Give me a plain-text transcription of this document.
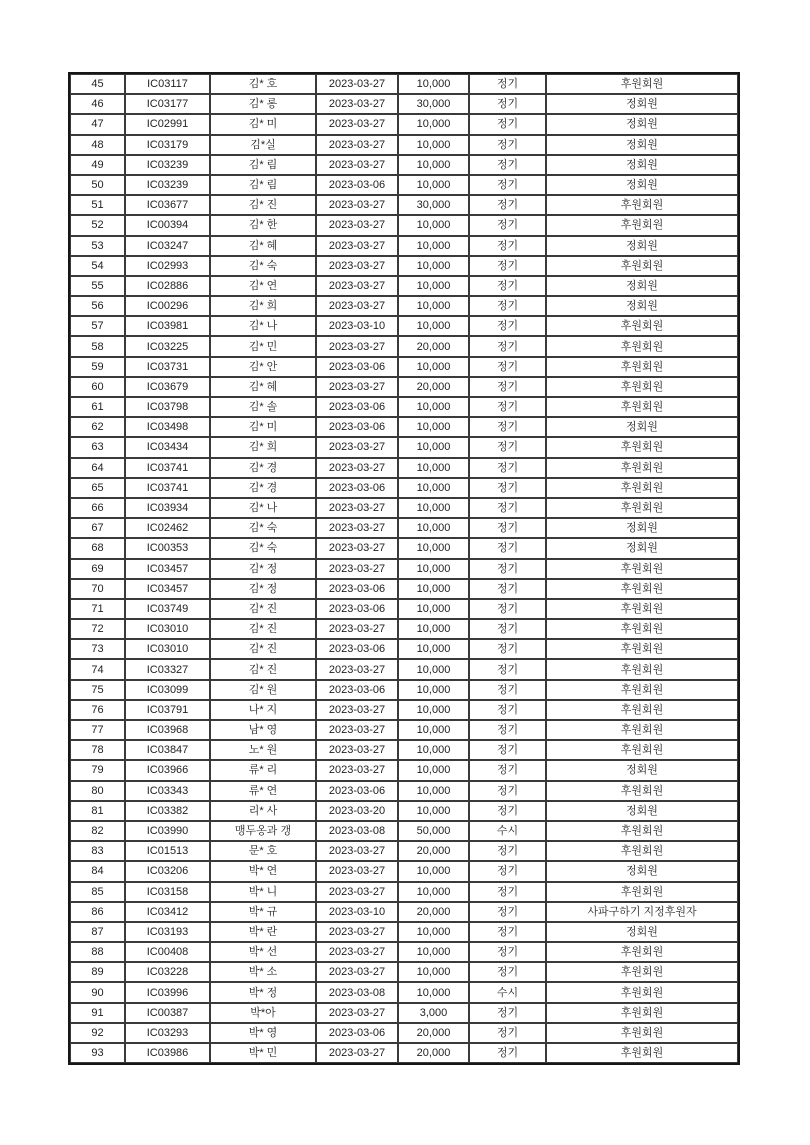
45	IC03117	김* 호	2023-03-27	10,000	정기	후원회원
46	IC03177	김* 롱	2023-03-27	30,000	정기	정회원
47	IC02991	김* 미	2023-03-27	10,000	정기	정회원
48	IC03179	김*실	2023-03-27	10,000	정기	정회원
49	IC03239	김* 림	2023-03-27	10,000	정기	정회원
50	IC03239	김* 림	2023-03-06	10,000	정기	정회원
51	IC03677	김* 진	2023-03-27	30,000	정기	후원회원
52	IC00394	김* 한	2023-03-27	10,000	정기	후원회원
53	IC03247	김* 혜	2023-03-27	10,000	정기	정회원
54	IC02993	김* 숙	2023-03-27	10,000	정기	후원회원
55	IC02886	김* 연	2023-03-27	10,000	정기	정회원
56	IC00296	김* 희	2023-03-27	10,000	정기	정회원
57	IC03981	김* 나	2023-03-10	10,000	정기	후원회원
58	IC03225	김* 민	2023-03-27	20,000	정기	후원회원
59	IC03731	김* 안	2023-03-06	10,000	정기	후원회원
60	IC03679	김* 혜	2023-03-27	20,000	정기	후원회원
61	IC03798	김* 솔	2023-03-06	10,000	정기	후원회원
62	IC03498	김* 미	2023-03-06	10,000	정기	정회원
63	IC03434	김* 희	2023-03-27	10,000	정기	후원회원
64	IC03741	김* 경	2023-03-27	10,000	정기	후원회원
65	IC03741	김* 경	2023-03-06	10,000	정기	후원회원
66	IC03934	김* 나	2023-03-27	10,000	정기	후원회원
67	IC02462	김* 숙	2023-03-27	10,000	정기	정회원
68	IC00353	김* 숙	2023-03-27	10,000	정기	정회원
69	IC03457	김* 정	2023-03-27	10,000	정기	후원회원
70	IC03457	김* 정	2023-03-06	10,000	정기	후원회원
71	IC03749	김* 진	2023-03-06	10,000	정기	후원회원
72	IC03010	김* 진	2023-03-27	10,000	정기	후원회원
73	IC03010	김* 진	2023-03-06	10,000	정기	후원회원
74	IC03327	김* 진	2023-03-27	10,000	정기	후원회원
75	IC03099	김* 원	2023-03-06	10,000	정기	후원회원
76	IC03791	나* 지	2023-03-27	10,000	정기	후원회원
77	IC03968	남* 영	2023-03-27	10,000	정기	후원회원
78	IC03847	노* 원	2023-03-27	10,000	정기	후원회원
79	IC03966	류* 리	2023-03-27	10,000	정기	정회원
80	IC03343	류* 연	2023-03-06	10,000	정기	후원회원
81	IC03382	리* 사	2023-03-20	10,000	정기	정회원
82	IC03990	맹두옹과 갱	2023-03-08	50,000	수시	후원회원
83	IC01513	문* 호	2023-03-27	20,000	정기	후원회원
84	IC03206	박* 연	2023-03-27	10,000	정기	정회원
85	IC03158	박* 니	2023-03-27	10,000	정기	후원회원
86	IC03412	박* 규	2023-03-10	20,000	정기	사파구하기 지정후원자
87	IC03193	박* 란	2023-03-27	10,000	정기	정회원
88	IC00408	박* 선	2023-03-27	10,000	정기	후원회원
89	IC03228	박* 소	2023-03-27	10,000	정기	후원회원
90	IC03996	박* 정	2023-03-08	10,000	수시	후원회원
91	IC00387	박*아	2023-03-27	3,000	정기	후원회원
92	IC03293	박* 영	2023-03-06	20,000	정기	후원회원
93	IC03986	박* 민	2023-03-27	20,000	정기	후원회원
